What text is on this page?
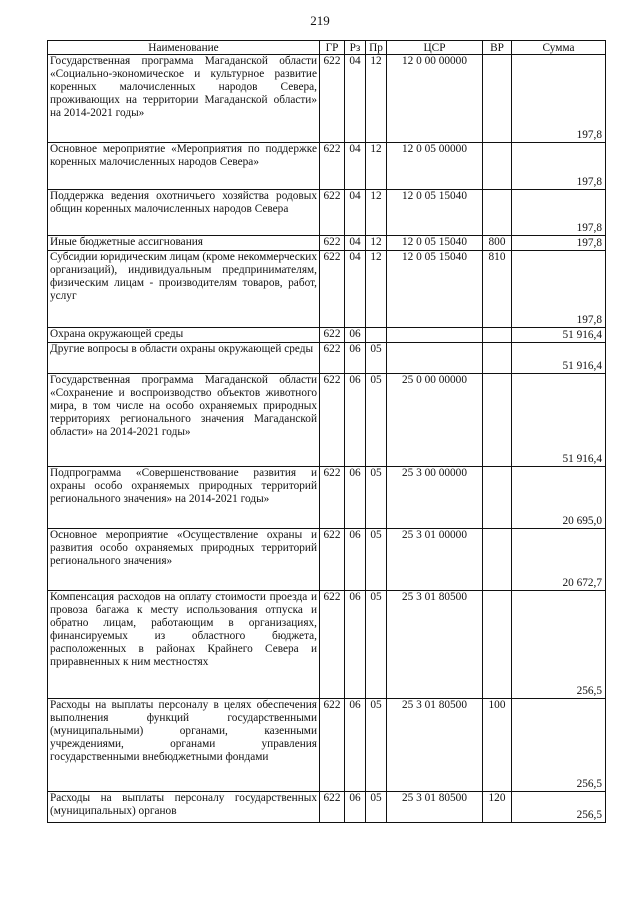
219
Наименование	ГР	Рз	Пр	ЦСР	ВР	Сумма
Государственная программа Магаданской области «Социально-экономическое и культурное развитие коренных малочисленных народов Севера, проживающих на территории Магаданской области» на 2014-2021 годы»	622	04	12	12 0 00 00000		197,8
Основное мероприятие «Мероприятия по поддержке коренных малочисленных народов Севера»	622	04	12	12 0 05 00000		197,8
Поддержка ведения охотничьего хозяйства родовых общин коренных малочисленных народов Севера	622	04	12	12 0 05 15040		197,8
Иные бюджетные ассигнования	622	04	12	12 0 05 15040	800	197,8
Субсидии юридическим лицам (кроме некоммерческих организаций), индивидуальным предпринимателям, физическим лицам - производителям товаров, работ, услуг	622	04	12	12 0 05 15040	810	197,8
Охрана окружающей среды	622	06				51 916,4
Другие вопросы в области охраны окружающей среды	622	06	05			51 916,4
Государственная программа Магаданской области «Сохранение и воспроизводство объектов животного мира, в том числе на особо охраняемых природных территориях регионального значения Магаданской области» на 2014-2021 годы»	622	06	05	25 0 00 00000		51 916,4
Подпрограмма «Совершенствование развития и охраны особо охраняемых природных территорий регионального значения» на 2014-2021 годы»	622	06	05	25 3 00 00000		20 695,0
Основное мероприятие «Осуществление охраны и развития особо охраняемых природных территорий регионального значения»	622	06	05	25 3 01 00000		20 672,7
Компенсация расходов на оплату стоимости проезда и провоза багажа к месту использования отпуска и обратно лицам, работающим в организациях, финансируемых из областного бюджета, расположенных в районах Крайнего Севера и приравненных к ним местностях	622	06	05	25 3 01 80500		256,5
Расходы на выплаты персоналу в целях обеспечения выполнения функций государственными (муниципальными) органами, казенными учреждениями, органами управления государственными внебюджетными фондами	622	06	05	25 3 01 80500	100	256,5
Расходы на выплаты персоналу государственных (муниципальных) органов	622	06	05	25 3 01 80500	120	256,5
